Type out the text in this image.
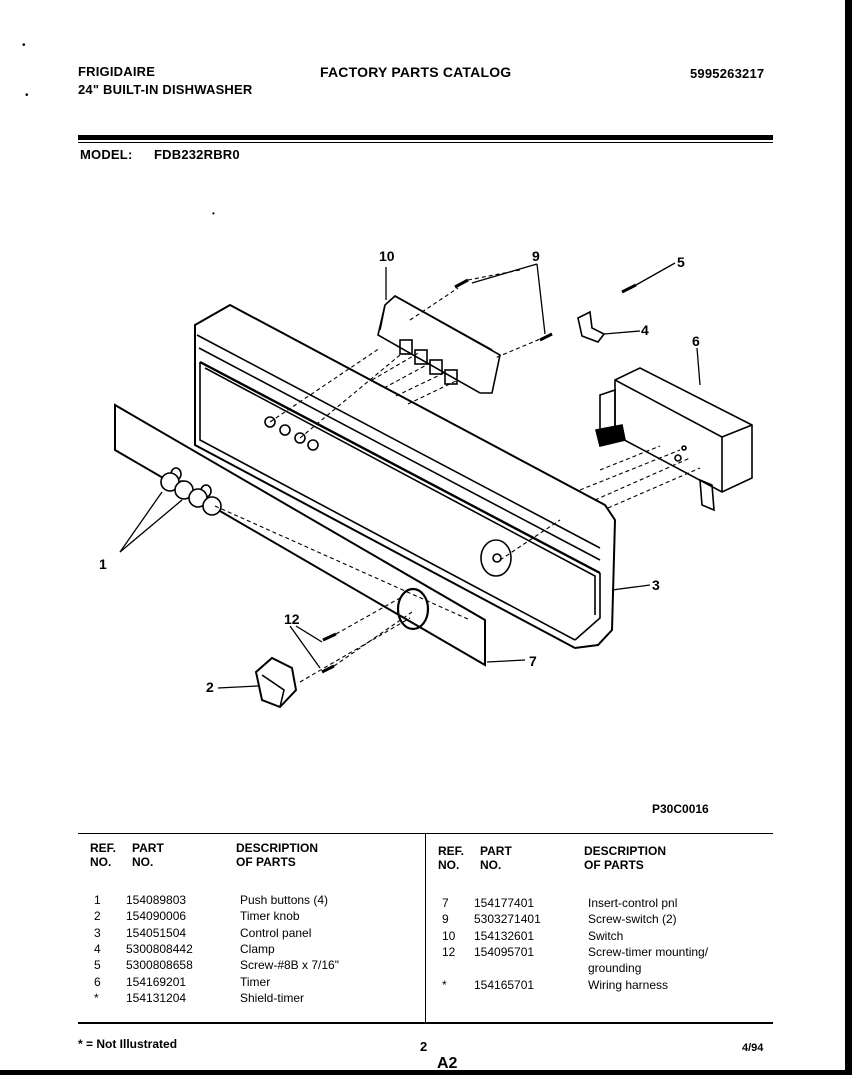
FRIGIDAIRE
24" BUILT-IN DISHWASHER
FACTORY PARTS CATALOG	5995263217
MODEL: FDB232RBR0
•
•
•
10	9	5
4
6
1
3
12
7
2
P30C0016
REF.
NO.
PART
NO.
DESCRIPTION
OF PARTS
REF.
NO.
PART
NO.
DESCRIPTION
OF PARTS
1 154089803	Push buttons (4)
2 154090006	Timer knob
3 154051504	Control panel
4 5300808442	Clamp
5 5300808658	Screw-#8B x 7/16"
6 154169201	Timer
* 154131204	Shield-timer
7 154177401	Insert-control pnl
9 5303271401	Screw-switch (2)
10 154132601	Switch
12 154095701	Screw-timer mounting/
grounding
* 154165701	Wiring harness
* = Not Illustrated	2
A2
4/94
